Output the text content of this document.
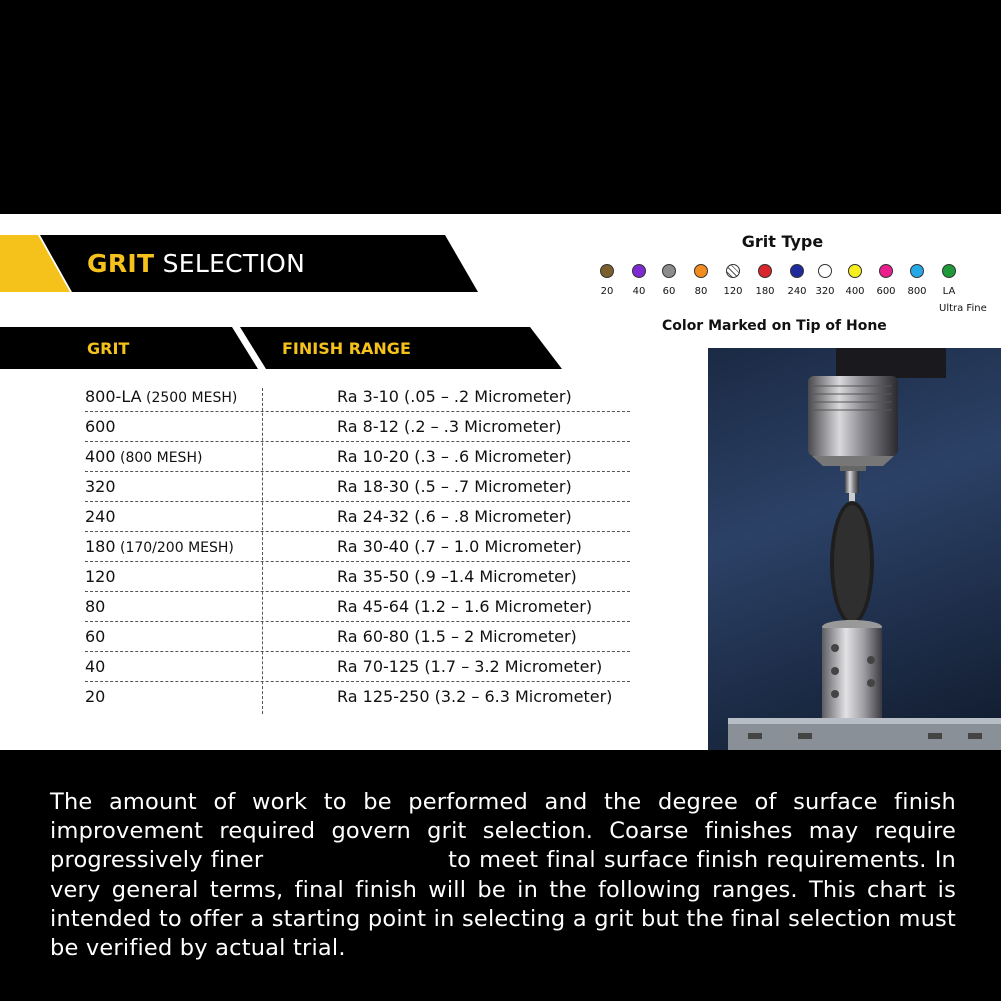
GRIT SELECTION
GRIT	FINISH RANGE
800-LA (2500 MESH)	Ra 3-10 (.05 – .2 Micrometer)
600	Ra 8-12 (.2 – .3 Micrometer)
400 (800 MESH)	Ra 10-20 (.3 – .6 Micrometer)
320	Ra 18-30 (.5 – .7 Micrometer)
240	Ra 24-32 (.6 – .8 Micrometer)
180 (170/200 MESH)	Ra 30-40 (.7 – 1.0 Micrometer)
120	Ra 35-50 (.9 –1.4 Micrometer)
80	Ra 45-64 (1.2 – 1.6 Micrometer)
60	Ra 60-80 (1.5 – 2 Micrometer)
40	Ra 70-125 (1.7 – 3.2 Micrometer)
20	Ra 125-250 (3.2 – 6.3 Micrometer)
Grit Type
20	40	60	80	120	180	240 320	400	600	800	LA
Ultra Fine
Color Marked on Tip of Hone
The amount of work to be performed and the degree of surface finish improvement required govern grit selection. Coarse finishes may require progressively finer                       to meet final surface finish requirements. In very general terms, final finish will be in the following ranges. This chart is intended to offer a starting point in selecting a grit but the final selection must be verified by actual trial.
